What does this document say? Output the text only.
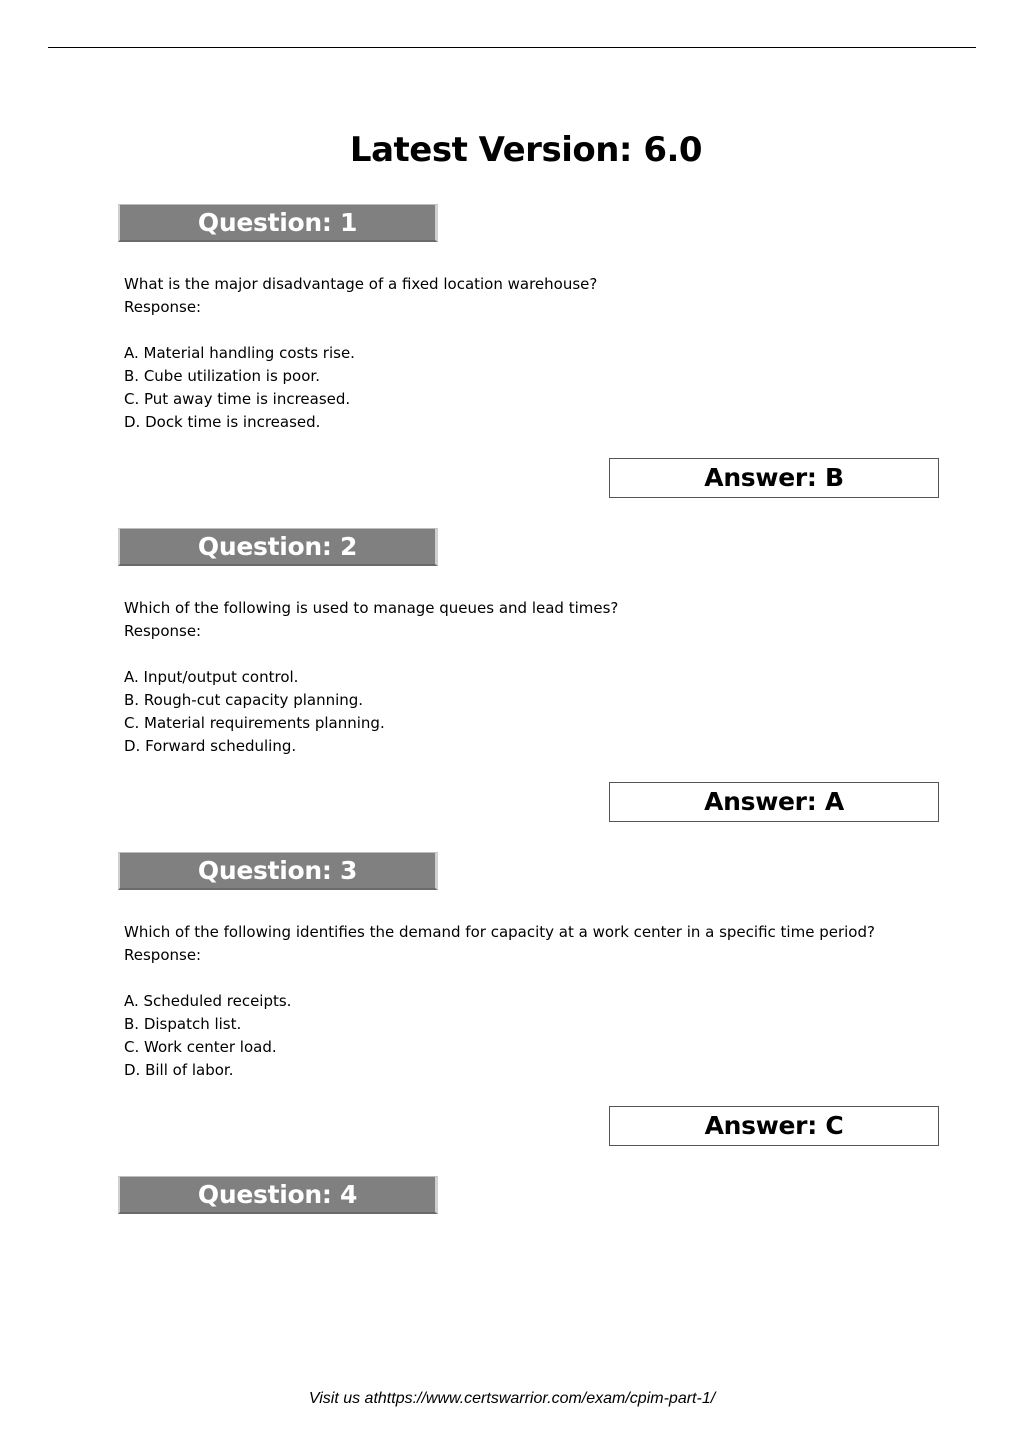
Latest Version: 6.0
Question: 1
What is the major disadvantage of a fixed location warehouse?
Response:
A. Material handling costs rise.
B. Cube utilization is poor.
C. Put away time is increased.
D. Dock time is increased.
Answer: B
Question: 2
Which of the following is used to manage queues and lead times?
Response:
A. Input/output control.
B. Rough-cut capacity planning.
C. Material requirements planning.
D. Forward scheduling.
Answer: A
Question: 3
Which of the following identifies the demand for capacity at a work center in a specific time period?
Response:
A. Scheduled receipts.
B. Dispatch list.
C. Work center load.
D. Bill of labor.
Answer: C
Question: 4
Visit us athttps://www.certswarrior.com/exam/cpim-part-1/
